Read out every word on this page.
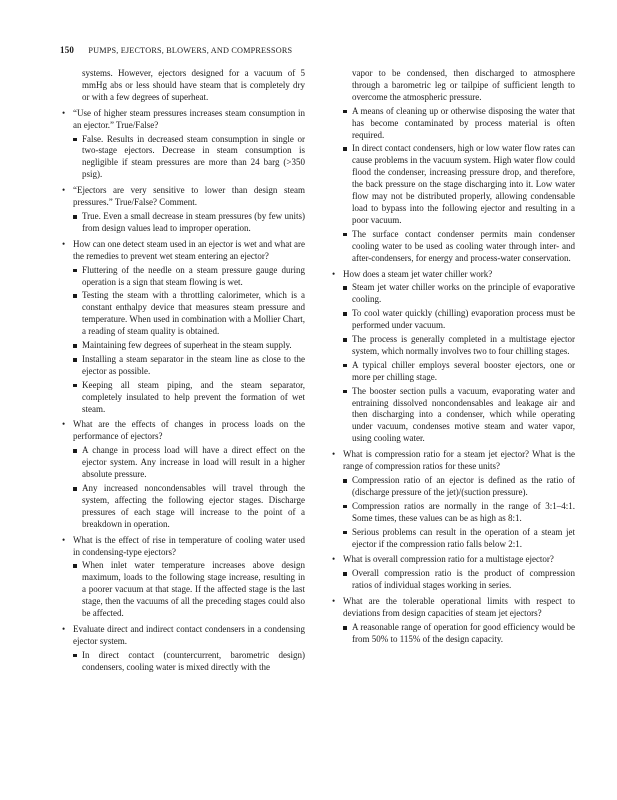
150 PUMPS, EJECTORS, BLOWERS, AND COMPRESSORS

systems. However, ejectors designed for a vacuum of 5 mmHg abs or less should have steam that is completely dry or with a few degrees of superheat.

• “Use of higher steam pressures increases steam consumption in an ejector.” True/False?

False. Results in decreased steam consumption in single or two-stage ejectors. Decrease in steam consumption is negligible if steam pressures are more than 24 barg (>350 psig).

• “Ejectors are very sensitive to lower than design steam pressures.” True/False? Comment.

True. Even a small decrease in steam pressures (by few units) from design values lead to improper operation.

• How can one detect steam used in an ejector is wet and what are the remedies to prevent wet steam entering an ejector?

Fluttering of the needle on a steam pressure gauge during operation is a sign that steam flowing is wet.

Testing the steam with a throttling calorimeter, which is a constant enthalpy device that measures steam pressure and temperature. When used in combination with a Mollier Chart, a reading of steam quality is obtained.

Maintaining few degrees of superheat in the steam supply.

Installing a steam separator in the steam line as close to the ejector as possible.

Keeping all steam piping, and the steam separator, completely insulated to help prevent the formation of wet steam.

• What are the effects of changes in process loads on the performance of ejectors?

A change in process load will have a direct effect on the ejector system. Any increase in load will result in a higher absolute pressure.

Any increased noncondensables will travel through the system, affecting the following ejector stages. Discharge pressures of each stage will increase to the point of a breakdown in operation.

• What is the effect of rise in temperature of cooling water used in condensing-type ejectors?

When inlet water temperature increases above design maximum, loads to the following stage increase, resulting in a poorer vacuum at that stage. If the affected stage is the last stage, then the vacuums of all the preceding stages could also be affected.

• Evaluate direct and indirect contact condensers in a condensing ejector system.

In direct contact (countercurrent, barometric design) condensers, cooling water is mixed directly with the

vapor to be condensed, then discharged to atmosphere through a barometric leg or tailpipe of sufficient length to overcome the atmospheric pressure.

A means of cleaning up or otherwise disposing the water that has become contaminated by process material is often required.

In direct contact condensers, high or low water flow rates can cause problems in the vacuum system. High water flow could flood the condenser, increasing pressure drop, and therefore, the back pressure on the stage discharging into it. Low water flow may not be distributed properly, allowing condensable load to bypass into the following ejector and resulting in a poor vacuum.

The surface contact condenser permits main condenser cooling water to be used as cooling water through inter- and after-condensers, for energy and process-water conservation.

• How does a steam jet water chiller work?

Steam jet water chiller works on the principle of evaporative cooling.

To cool water quickly (chilling) evaporation process must be performed under vacuum.

The process is generally completed in a multistage ejector system, which normally involves two to four chilling stages.

A typical chiller employs several booster ejectors, one or more per chilling stage.

The booster section pulls a vacuum, evaporating water and entraining dissolved noncondensables and leakage air and then discharging into a condenser, which while operating under vacuum, condenses motive steam and water vapor, using cooling water.

• What is compression ratio for a steam jet ejector? What is the range of compression ratios for these units?

Compression ratio of an ejector is defined as the ratio of (discharge pressure of the jet)/(suction pressure).

Compression ratios are normally in the range of 3:1–4:1. Some times, these values can be as high as 8:1.

Serious problems can result in the operation of a steam jet ejector if the compression ratio falls below 2:1.

• What is overall compression ratio for a multistage ejector?

Overall compression ratio is the product of compression ratios of individual stages working in series.

• What are the tolerable operational limits with respect to deviations from design capacities of steam jet ejectors?

A reasonable range of operation for good efficiency would be from 50% to 115% of the design capacity.
